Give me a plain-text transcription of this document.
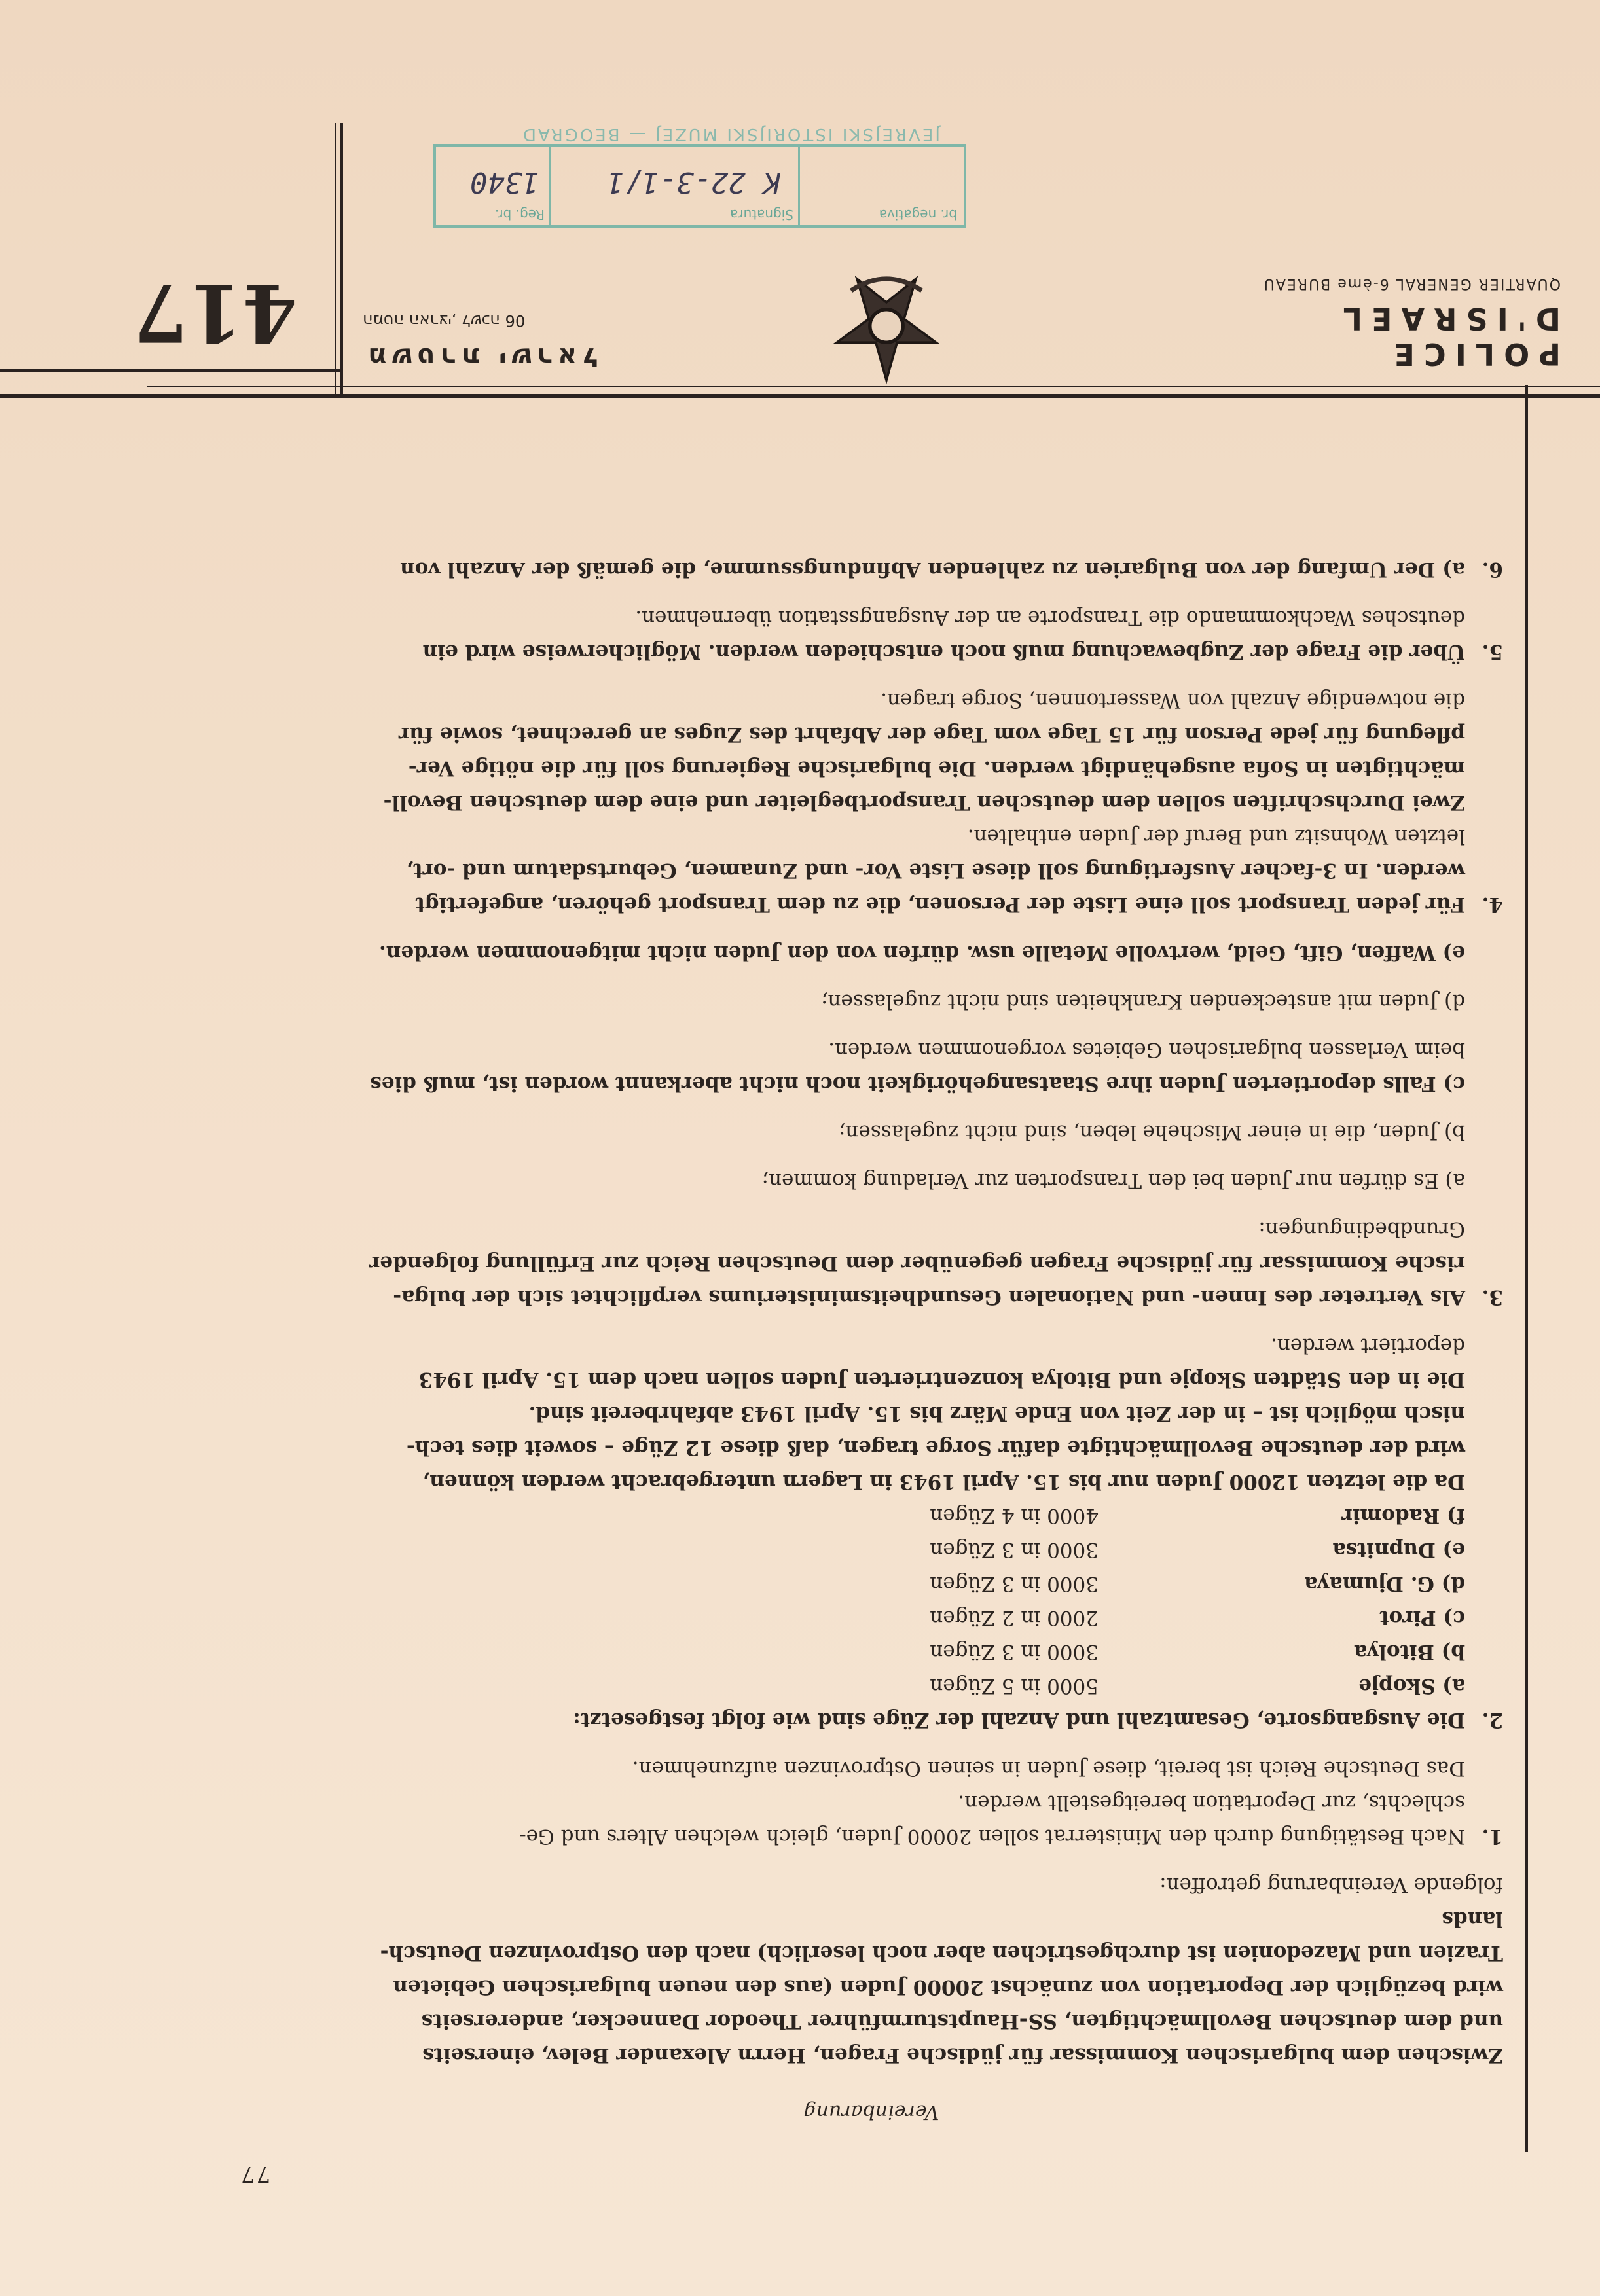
77
Vereinbarung

Zwischen dem bulgarischen Kommissar für jüdische Fragen, Herrn Alexander Belev, einerseits

und dem deutschen Bevollmächtigten, SS-Hauptsturmführer Theodor Dannecker, andererseits

wird bezüglich der Deportation von zunächst 20000 Juden (aus den neuen bulgarischen Gebieten

Trazien und Mazedonien ist durchgestrichen aber noch leserlich) nach den Ostprovinzen Deutsch-

lands

folgende Vereinbarung getroffen:

1.

Nach Bestätigung durch den Ministerrat sollen 20000 Juden, gleich welchen Alters und Ge-

schlechts, zur Deportation bereitgestellt werden.

Das Deutsche Reich ist bereit, diese Juden in seinen Ostprovinzen aufzunehmen.

2.

Die Ausgangsorte, Gesamtzahl und Anzahl der Züge sind wie folgt festgesetzt:

a) Skopje
5000 in 5 Zügen
b) Bitolya
3000 in 3 Zügen
c) Pirot
2000 in 2 Zügen
d) G. Djumaya
3000 in 3 Zügen
e) Dupnitsa
3000 in 3 Zügen
f) Radomir
4000 in 4 Zügen

Da die letzten 12000 Juden nur bis 15. April 1943 in Lagern untergebracht werden können,

wird der deutsche Bevollmächtigte dafür Sorge tragen, daß diese 12 Züge – soweit dies tech-

nisch möglich ist – in der Zeit von Ende März bis 15. April 1943 abfahrbereit sind.

Die in den Städten Skopje und Bitolya konzentrierten Juden sollen nach dem 15. April 1943

deportiert werden.

3.

Als Vertreter des Innen- und Nationalen Gesundheitsministeriums verpflichtet sich der bulga-

rische Kommissar für jüdische Fragen gegenüber dem Deutschen Reich zur Erfüllung folgender

Grundbedingungen:

a) Es dürfen nur Juden bei den Transporten zur Verladung kommen;

b) Juden, die in einer Mischehe leben, sind nicht zugelassen;

c) Falls deportierten Juden ihre Staatsangehörigkeit noch nicht aberkannt worden ist, muß dies

beim Verlassen bulgarischen Gebietes vorgenommen werden.

d) Juden mit ansteckenden Krankheiten sind nicht zugelassen;

e) Waffen, Gift, Geld, wertvolle Metalle usw. dürfen von den Juden nicht mitgenommen werden.

4.

Für jeden Transport soll eine Liste der Personen, die zu dem Transport gehören, angefertigt

werden. In 3-facher Ausfertigung soll diese Liste Vor- und Zunamen, Geburtsdatum und -ort,

letzten Wohnsitz und Beruf der Juden enthalten.

Zwei Durchschriften sollen dem deutschen Transportbegleiter und eine dem deutschen Bevoll-

mächtigten in Sofia ausgehändigt werden. Die bulgarische Regierung soll für die nötige Ver-

pflegung für jede Person für 15 Tage vom Tage der Abfahrt des Zuges an gerechnet, sowie für

die notwendige Anzahl von Wassertonnen, Sorge tragen.

5.

Über die Frage der Zugbewachung muß noch entschieden werden. Möglicherweise wird ein

deutsches Wachkommando die Transporte an der Ausgangsstation übernehmen.

6.

a) Der Umfang der von Bulgarien zu zahlenden Abfindungssumme, die gemäß der Anzahl von

POLICE D'ISRAEL
QUARTIER GENERAL 6-ème BUREAU
משטרת ישראל
המטה הארצי, לשכה 06
417
br. negativa
Signatura
K 22-3-1/1
Reg. br.
1340
JEVREJSKI ISTORIJSKI MUZEJ — BEOGRAD
